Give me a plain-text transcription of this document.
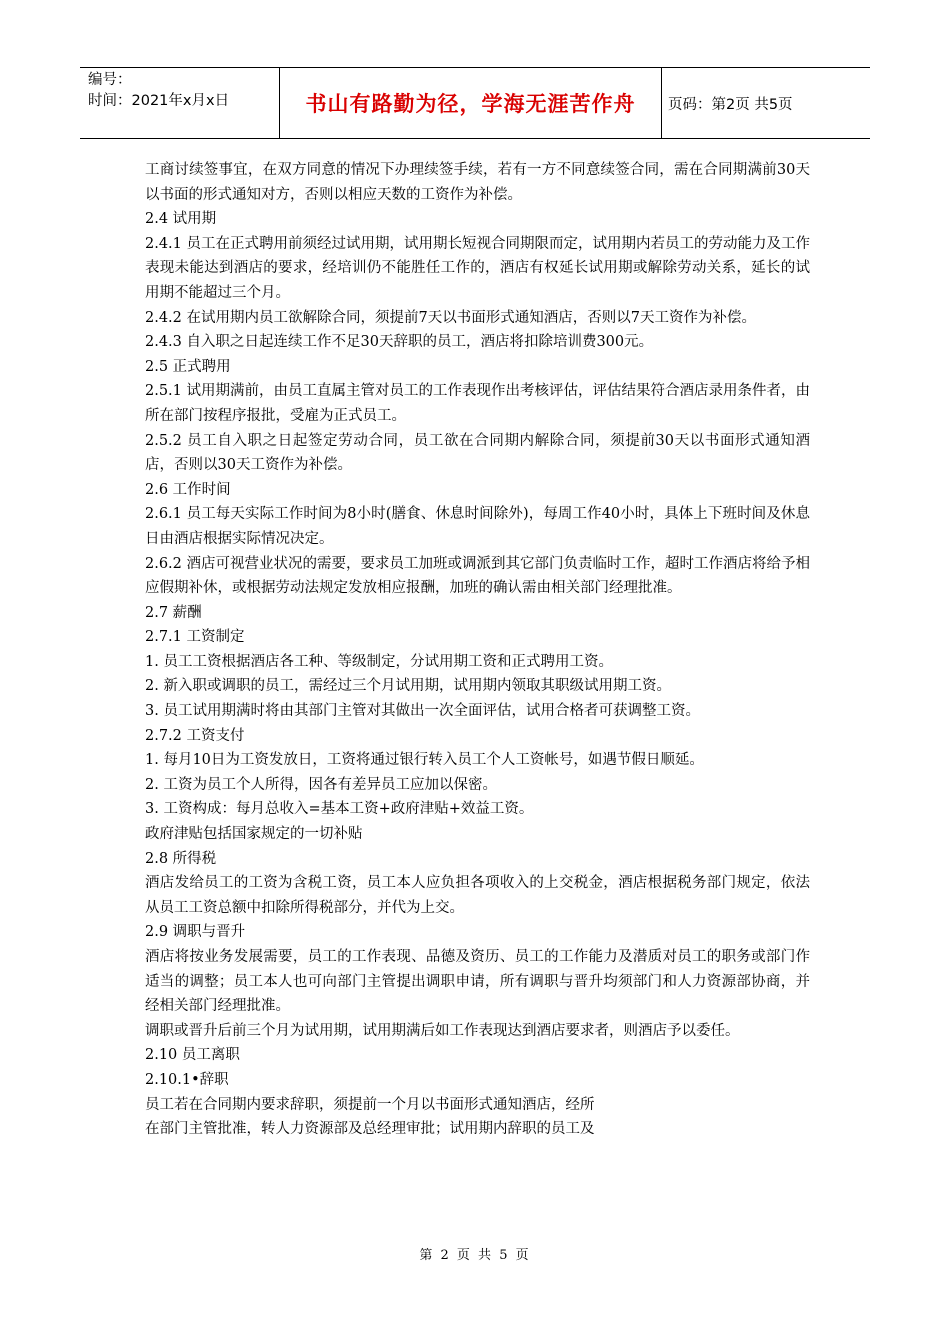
编号：
时间：2021年x月x日	书山有路勤为径，学海无涯苦作舟	页码：第2页 共5页

工商讨续签事宜，在双方同意的情况下办理续签手续，若有一方不同意续签合同，需在合同期满前30天以书面的形式通知对方，否则以相应天数的工资作为补偿。

2.4 试用期

2.4.1 员工在正式聘用前须经过试用期，试用期长短视合同期限而定，试用期内若员工的劳动能力及工作表现未能达到酒店的要求，经培训仍不能胜任工作的，酒店有权延长试用期或解除劳动关系，延长的试用期不能超过三个月。

2.4.2 在试用期内员工欲解除合同，须提前7天以书面形式通知酒店，否则以7天工资作为补偿。

2.4.3 自入职之日起连续工作不足30天辞职的员工，酒店将扣除培训费300元。

2.5 正式聘用

2.5.1 试用期满前，由员工直属主管对员工的工作表现作出考核评估，评估结果符合酒店录用条件者，由所在部门按程序报批，受雇为正式员工。

2.5.2 员工自入职之日起签定劳动合同，员工欲在合同期内解除合同，须提前30天以书面形式通知酒店，否则以30天工资作为补偿。

2.6 工作时间

2.6.1 员工每天实际工作时间为8小时(膳食、休息时间除外)，每周工作40小时，具体上下班时间及休息日由酒店根据实际情况决定。

2.6.2 酒店可视营业状况的需要，要求员工加班或调派到其它部门负责临时工作，超时工作酒店将给予相应假期补休，或根据劳动法规定发放相应报酬，加班的确认需由相关部门经理批准。

2.7 薪酬

2.7.1 工资制定

1. 员工工资根据酒店各工种、等级制定，分试用期工资和正式聘用工资。

2. 新入职或调职的员工，需经过三个月试用期，试用期内领取其职级试用期工资。

3. 员工试用期满时将由其部门主管对其做出一次全面评估，试用合格者可获调整工资。

2.7.2 工资支付

1. 每月10日为工资发放日，工资将通过银行转入员工个人工资帐号，如遇节假日顺延。

2. 工资为员工个人所得，因各有差异员工应加以保密。

3. 工资构成：每月总收入=基本工资+政府津贴+效益工资。

政府津贴包括国家规定的一切补贴

2.8 所得税

酒店发给员工的工资为含税工资，员工本人应负担各项收入的上交税金，酒店根据税务部门规定，依法从员工工资总额中扣除所得税部分，并代为上交。

2.9 调职与晋升

酒店将按业务发展需要，员工的工作表现、品德及资历、员工的工作能力及潜质对员工的职务或部门作适当的调整；员工本人也可向部门主管提出调职申请，所有调职与晋升均须部门和人力资源部协商，并经相关部门经理批准。

调职或晋升后前三个月为试用期，试用期满后如工作表现达到酒店要求者，则酒店予以委任。

2.10 员工离职

2.10.1•辞职

员工若在合同期内要求辞职，须提前一个月以书面形式通知酒店，经所

在部门主管批准，转人力资源部及总经理审批；试用期内辞职的员工及

第 2 页 共 5 页
